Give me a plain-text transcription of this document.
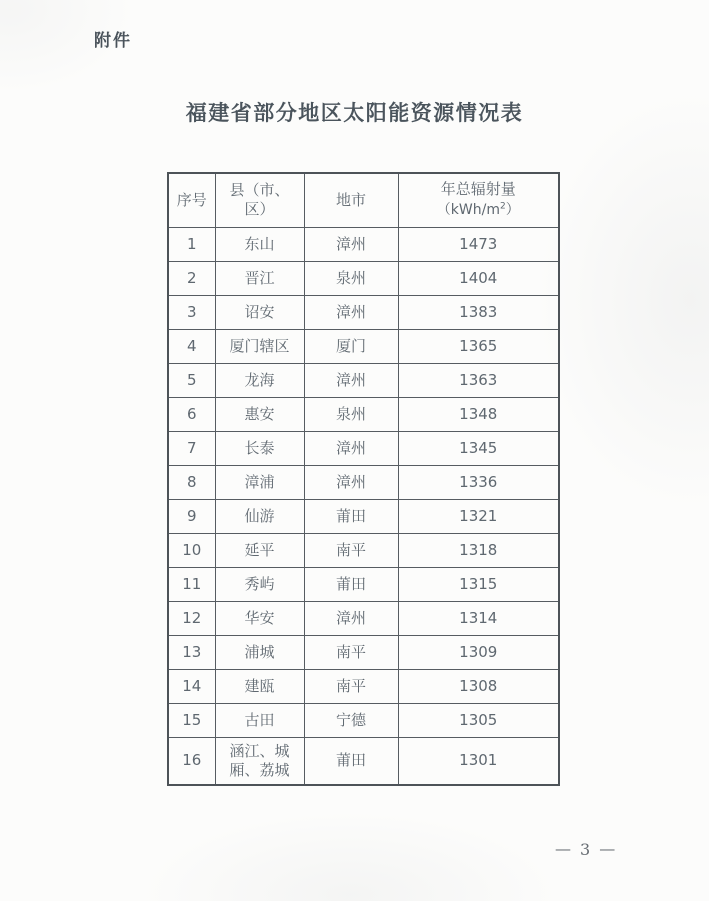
附件
福建省部分地区太阳能资源情况表
序号	县（市、区）	地市	年总辐射量
$(kWh/m^2)$

1	东山	漳州	1473
2	晋江	泉州	1404
3	诏安	漳州	1383
4	厦门辖区	厦门	1365
5	龙海	漳州	1363
6	惠安	泉州	1348
7	长泰	漳州	1345
8	漳浦	漳州	1336
9	仙游	莆田	1321
10	延平	南平	1318
11	秀屿	莆田	1315
12	华安	漳州	1314
13	浦城	南平	1309
14	建瓯	南平	1308
15	古田	宁德	1305
16	涵江、城厢、荔城	莆田	1301
— 3 —
